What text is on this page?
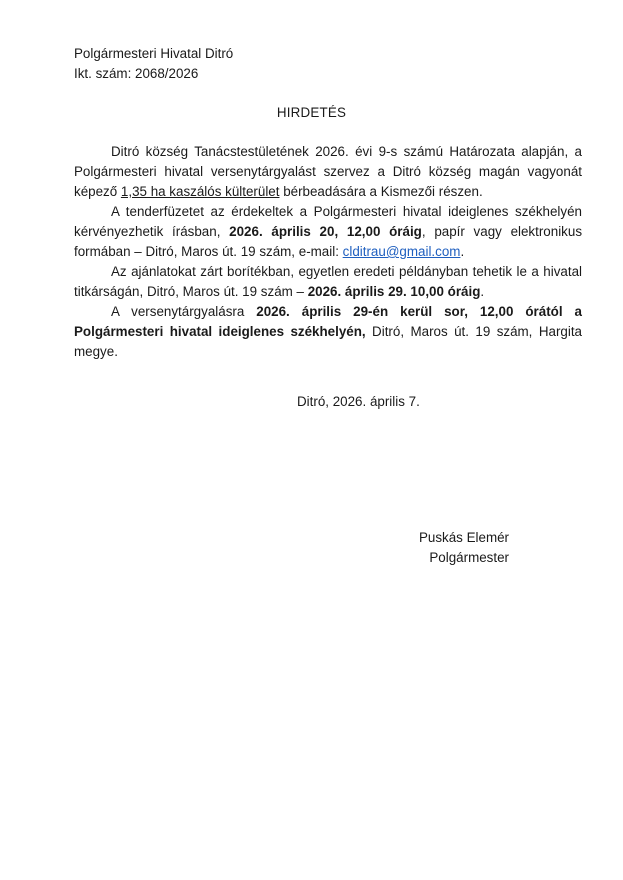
Polgármesteri Hivatal Ditró
Ikt. szám: 2068/2026
HIRDETÉS

Ditró község Tanácstestületének 2026. évi 9-s számú Határozata alapján, a Polgármesteri hivatal versenytárgyalást szervez a Ditró község magán vagyonát képező 1,35 ha kaszálós külterület bérbeadására a Kismezői részen.

A tenderfüzetet az érdekeltek a Polgármesteri hivatal ideiglenes székhelyén kérvényezhetik írásban, 2026. április 20, 12,00 óráig, papír vagy elektronikus formában – Ditró, Maros út. 19 szám, e-mail: clditrau@gmail.com.

Az ajánlatokat zárt borítékban, egyetlen eredeti példányban tehetik le a hivatal titkárságán, Ditró, Maros út. 19 szám – 2026. április 29. 10,00 óráig.

A versenytárgyalásra 2026. április 29-én kerül sor, 12,00 órától a Polgármesteri hivatal ideiglenes székhelyén, Ditró, Maros út. 19 szám, Hargita megye.

Ditró, 2026. április 7.
Puskás Elemér
Polgármester
